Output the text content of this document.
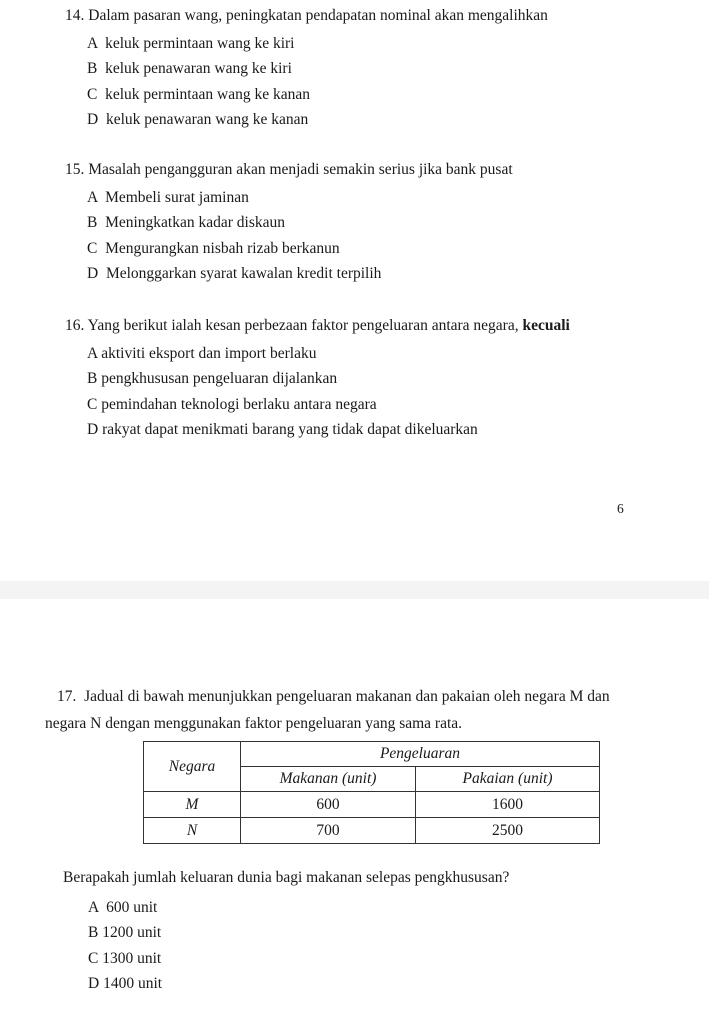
14. Dalam pasaran wang, peningkatan pendapatan nominal akan mengalihkan
A  keluk permintaan wang ke kiri
B  keluk penawaran wang ke kiri
C  keluk permintaan wang ke kanan
D  keluk penawaran wang ke kanan
15. Masalah pengangguran akan menjadi semakin serius jika bank pusat
A  Membeli surat jaminan
B  Meningkatkan kadar diskaun
C  Mengurangkan nisbah rizab berkanun
D  Melonggarkan syarat kawalan kredit terpilih
16. Yang berikut ialah kesan perbezaan faktor pengeluaran antara negara, kecuali
A aktiviti eksport dan import berlaku
B pengkhususan pengeluaran dijalankan
C pemindahan teknologi berlaku antara negara
D rakyat dapat menikmati barang yang tidak dapat dikeluarkan
6
17.  Jadual di bawah menunjukkan pengeluaran makanan dan pakaian oleh negara M dan
negara N dengan menggunakan faktor pengeluaran yang sama rata.
Negara	Pengeluaran	
	Makanan (unit)	Pakaian (unit)
M	600	1600
N	700	2500
Berapakah jumlah keluaran dunia bagi makanan selepas pengkhususan?
A  600 unit
B 1200 unit
C 1300 unit
D 1400 unit
